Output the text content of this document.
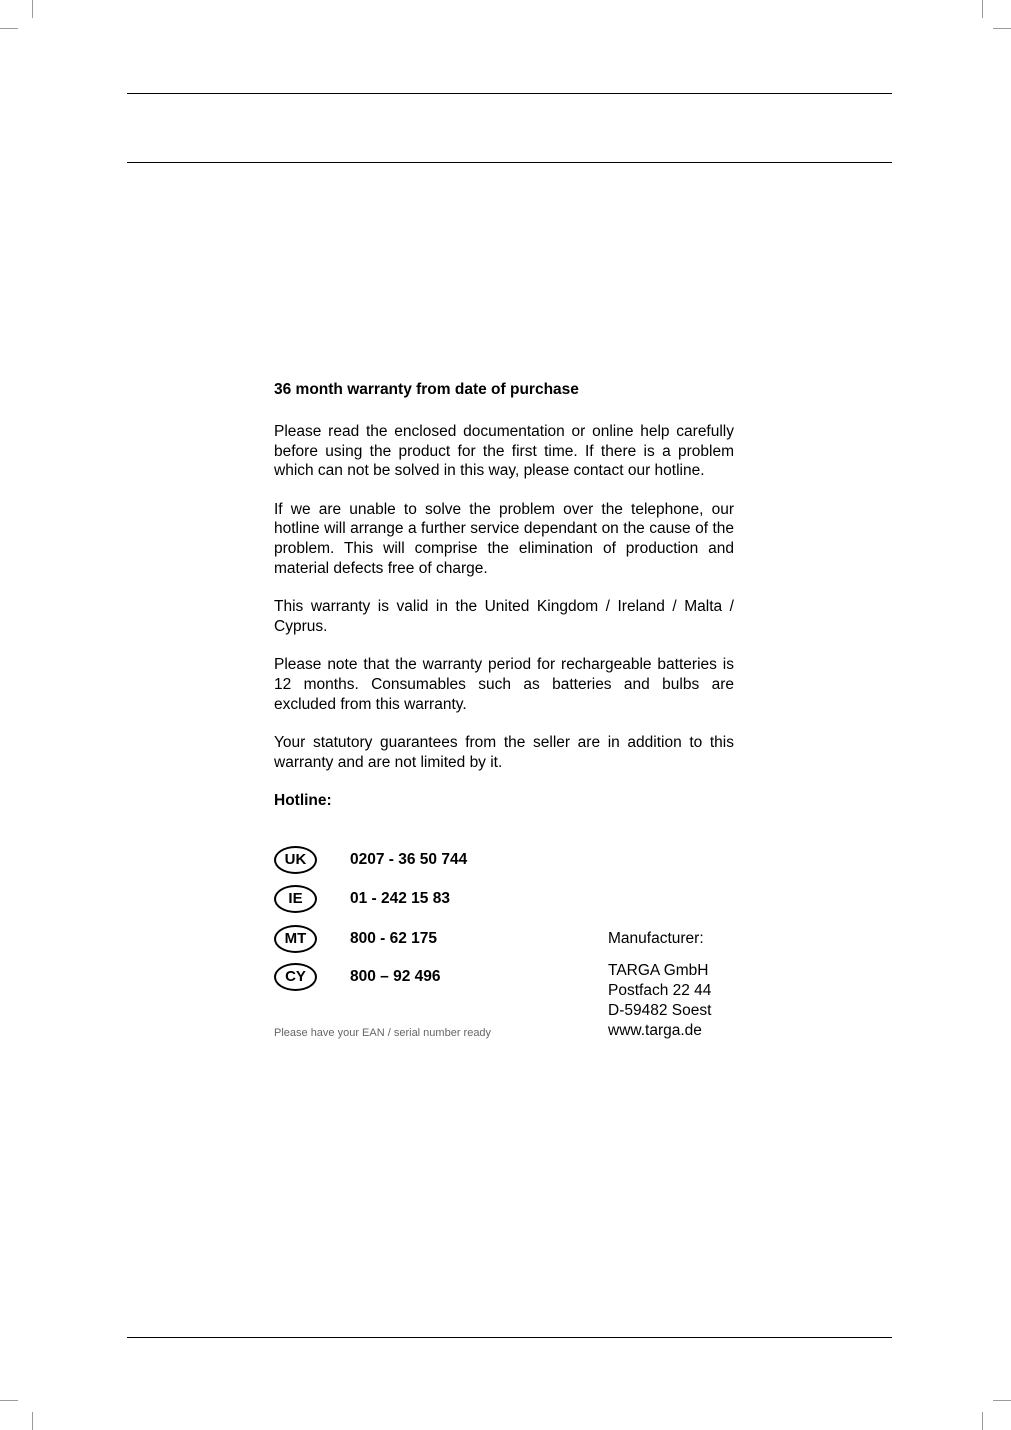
36 month warranty from date of purchase

Please read the enclosed documentation or online help carefully before using the product for the first time. If there is a problem which can not be solved in this way, please contact our hotline.

If we are unable to solve the problem over the telephone, our hotline will arrange a further service dependant on the cause of the problem. This will comprise the elimination of production and material defects free of charge.

This warranty is valid in the United Kingdom / Ireland / Malta / Cyprus.

Please note that the warranty period for rechargeable batteries is 12 months. Consumables such as batteries and bulbs are excluded from this warranty.

Your statutory guarantees from the seller are in addition to this warranty and are not limited by it.

Hotline:

UK	0207 - 36 50 744
IE	01 - 242 15 83
MT	800 - 62 175
CY	800 – 92 496

Manufacturer:

TARGA GmbH

Postfach 22 44

D-59482 Soest

www.targa.de

Please have your EAN / serial number ready
